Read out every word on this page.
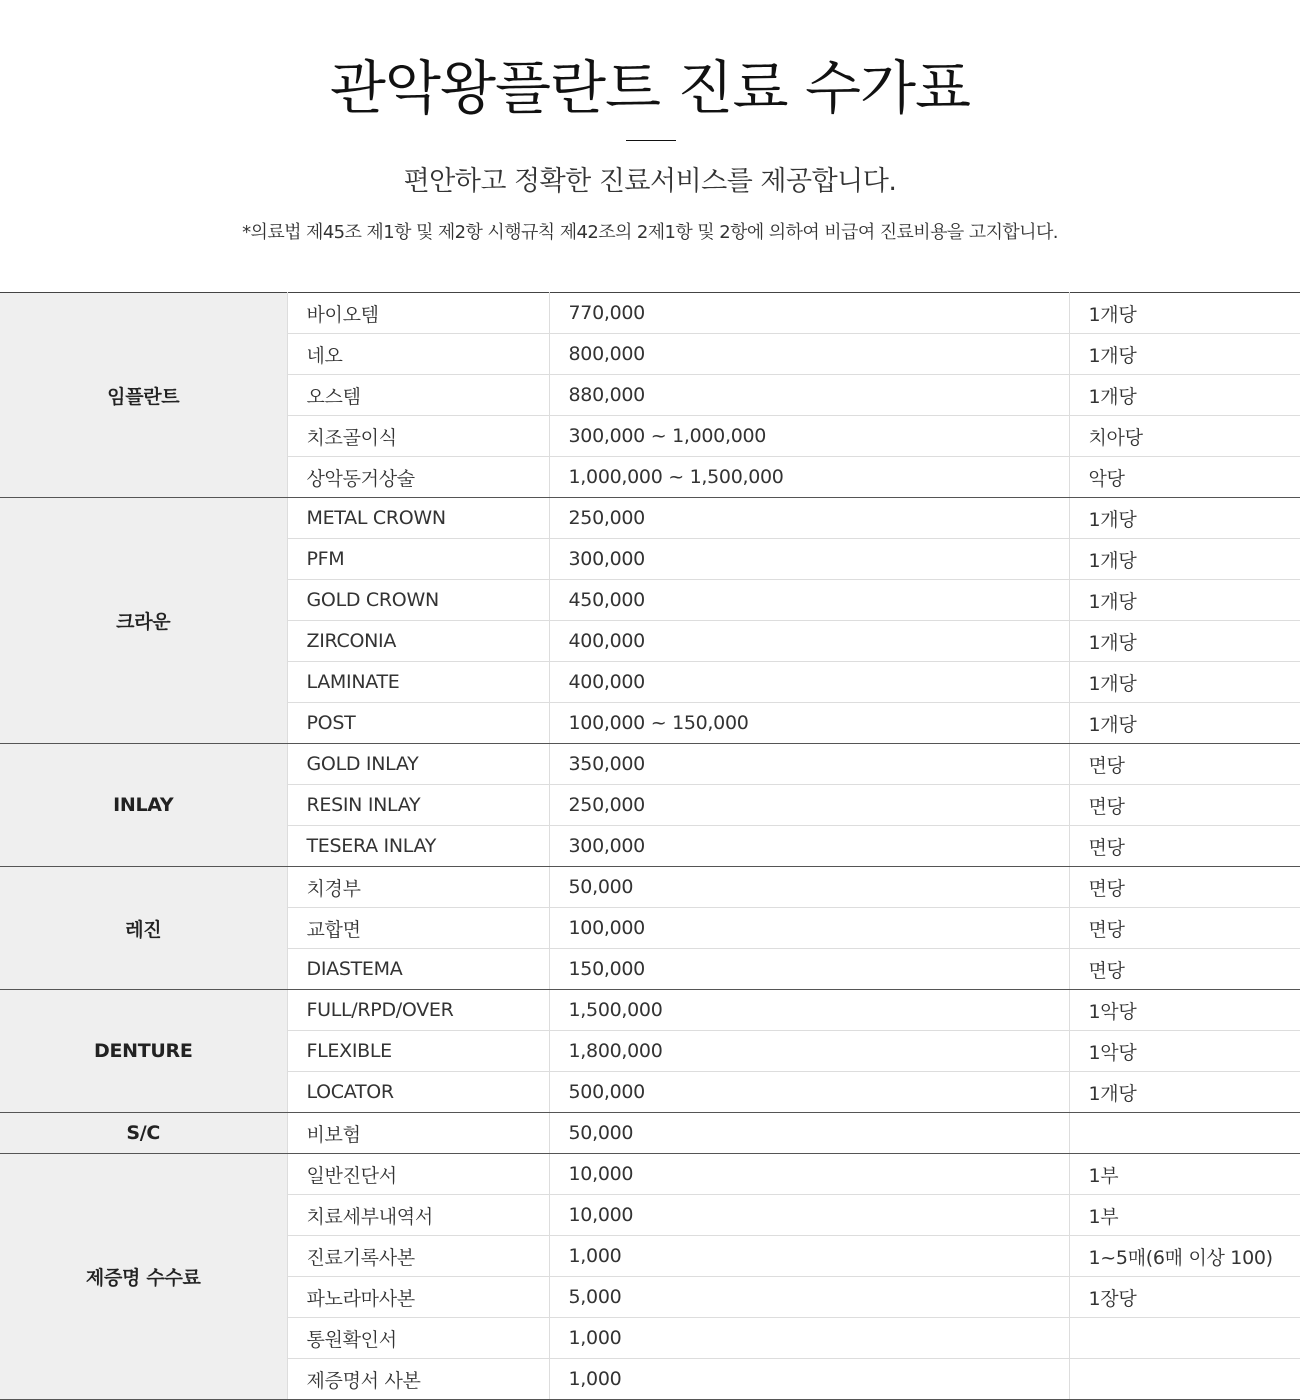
관악왕플란트 진료 수가표
편안하고 정확한 진료서비스를 제공합니다.
*의료법 제45조 제1항 및 제2항 시행규칙 제42조의 2제1항 및 2항에 의하여 비급여 진료비용을 고지합니다.
임플란트	바이오템	770,000	1개당
	네오	800,000	1개당
	오스템	880,000	1개당
	치조골이식	300,000 ~ 1,000,000	치아당
	상악동거상술	1,000,000 ~ 1,500,000	악당
크라운	METAL CROWN	250,000	1개당
	PFM	300,000	1개당
	GOLD CROWN	450,000	1개당
	ZIRCONIA	400,000	1개당
	LAMINATE	400,000	1개당
	POST	100,000 ~ 150,000	1개당
INLAY	GOLD INLAY	350,000	면당
	RESIN INLAY	250,000	면당
	TESERA INLAY	300,000	면당
레진	치경부	50,000	면당
	교합면	100,000	면당
	DIASTEMA	150,000	면당
DENTURE	FULL/RPD/OVER	1,500,000	1악당
	FLEXIBLE	1,800,000	1악당
	LOCATOR	500,000	1개당
S/C	비보험	50,000	
제증명 수수료	일반진단서	10,000	1부
	치료세부내역서	10,000	1부
	진료기록사본	1,000	1~5매(6매 이상 100)
	파노라마사본	5,000	1장당
	통원확인서	1,000	
	제증명서 사본	1,000	
